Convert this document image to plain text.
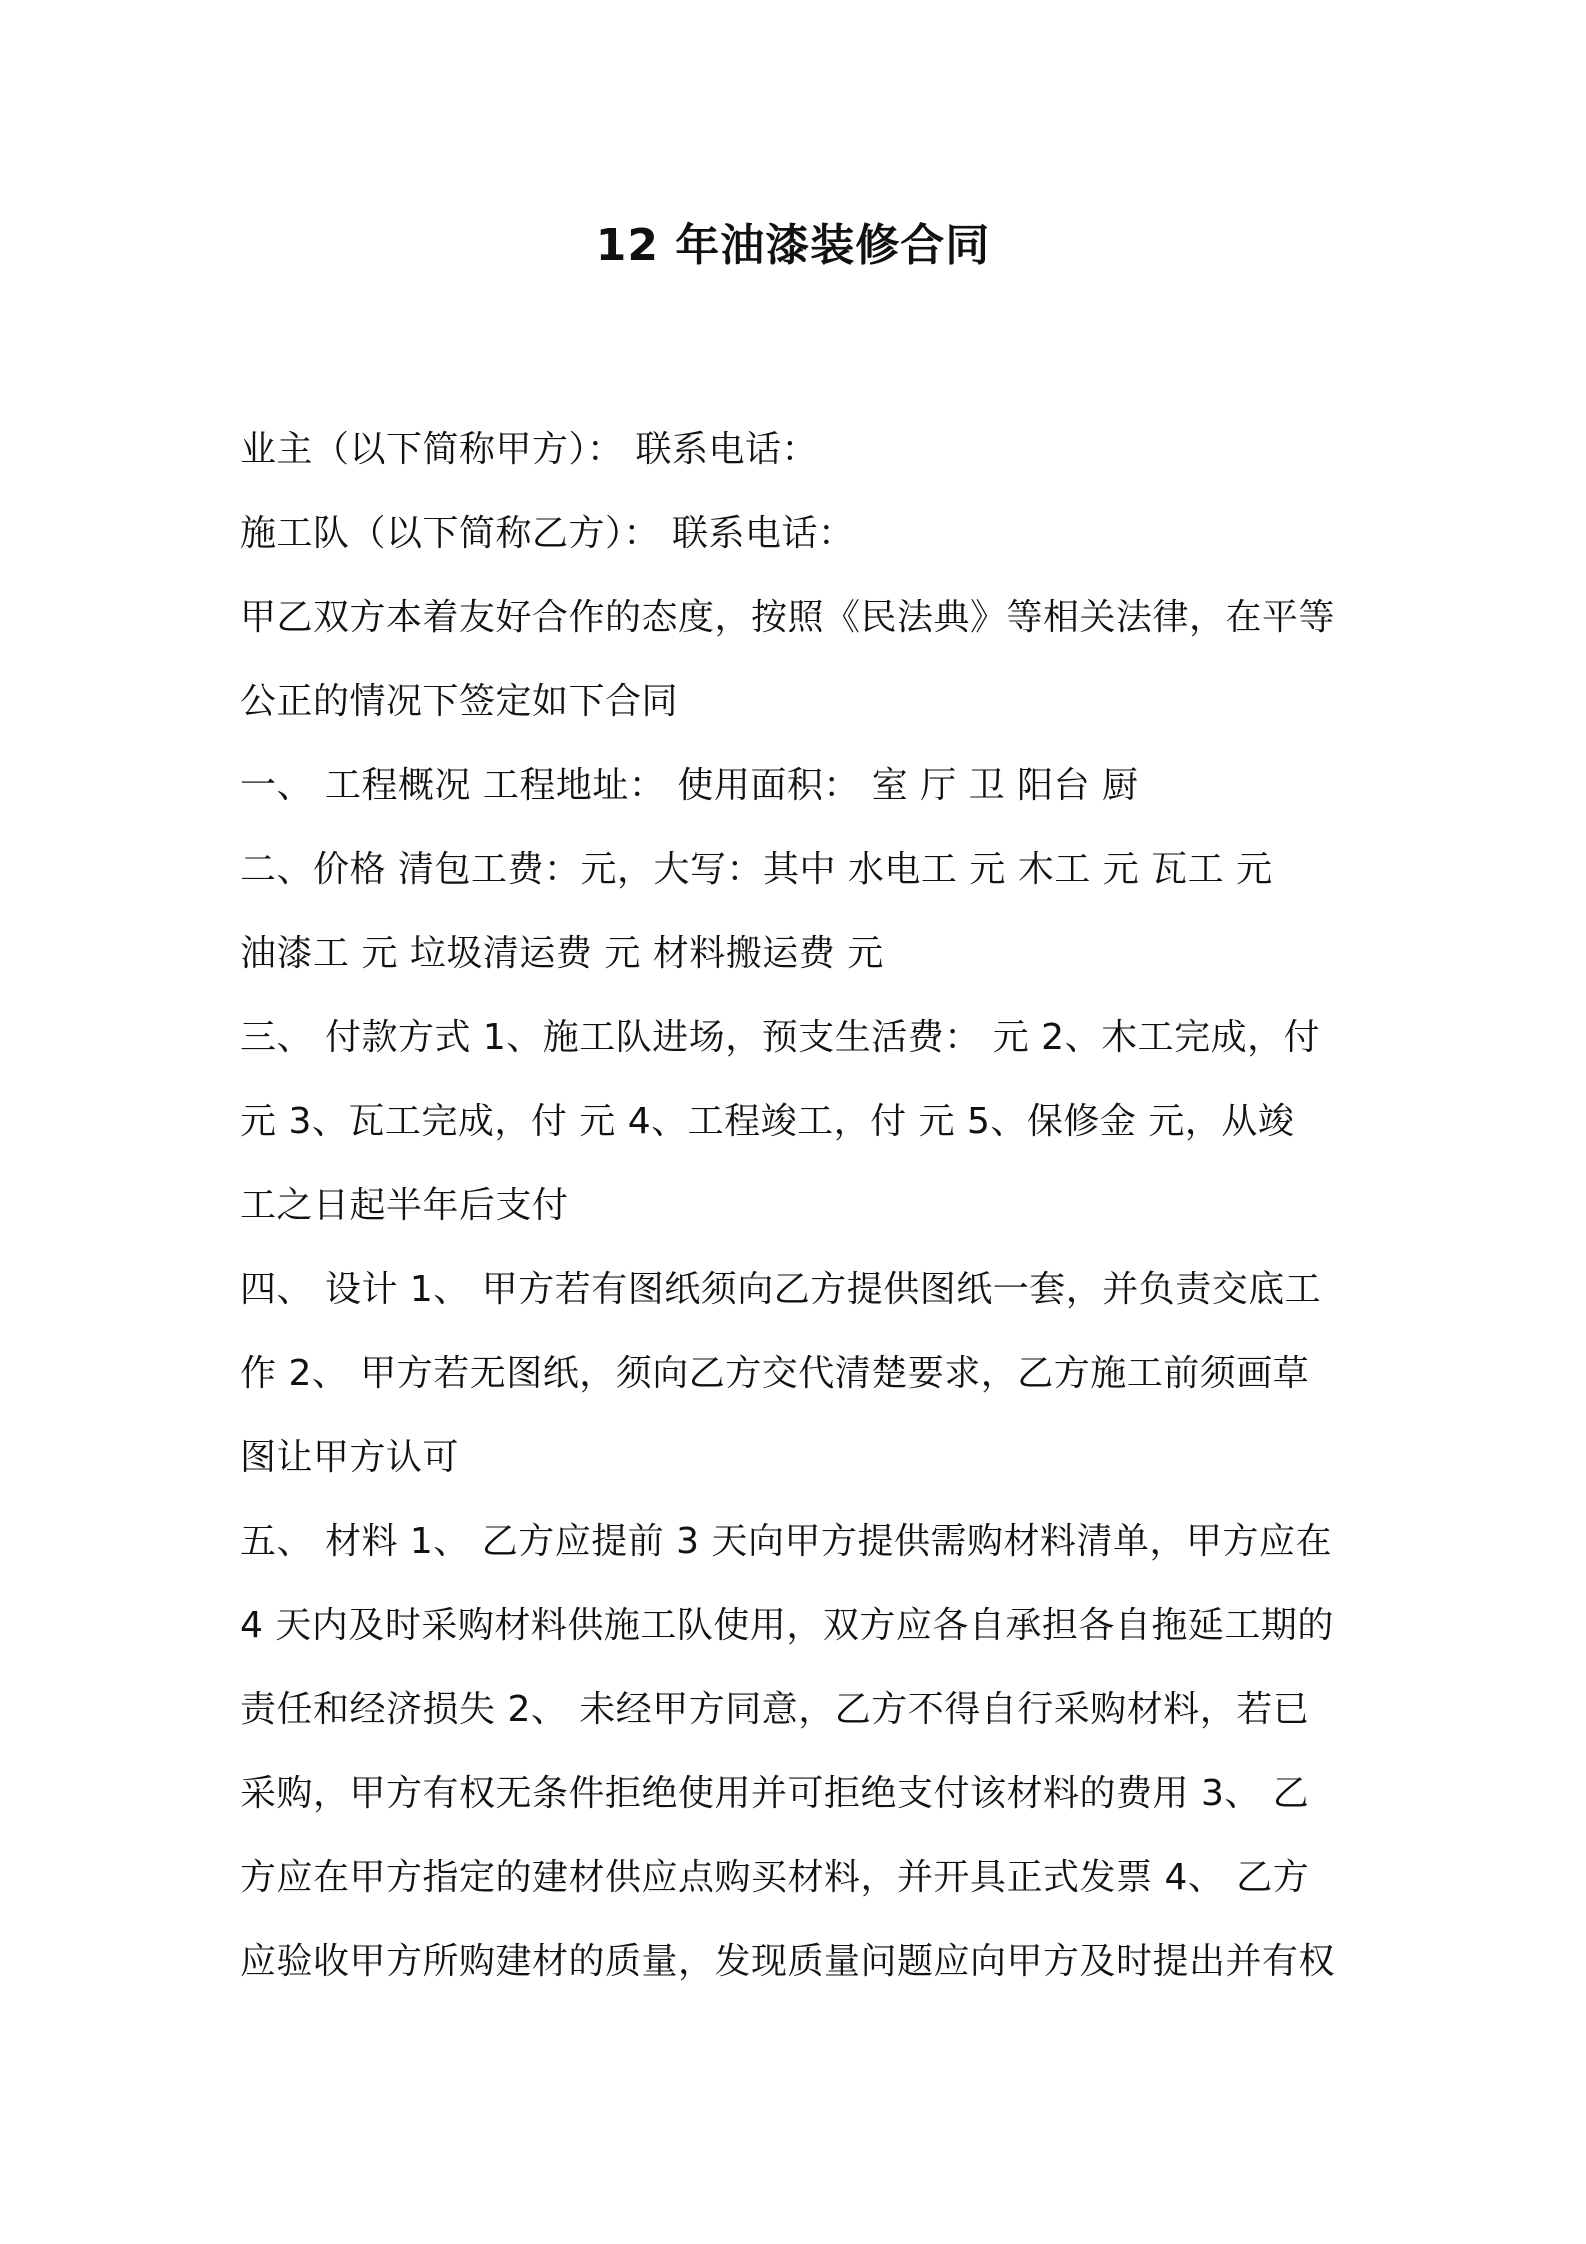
12 年油漆装修合同
业主（以下简称甲方）： 联系电话：
施工队（以下简称乙方）： 联系电话：
甲乙双方本着友好合作的态度，按照《民法典》等相关法律，在平等
公正的情况下签定如下合同
一、 工程概况 工程地址： 使用面积： 室 厅 卫 阳台 厨
二、价格 清包工费：元，大写：其中 水电工 元 木工 元 瓦工 元
油漆工 元 垃圾清运费 元 材料搬运费 元
三、 付款方式 1、施工队进场，预支生活费： 元 2、木工完成，付
元 3、瓦工完成，付 元 4、工程竣工，付 元 5、保修金 元，从竣
工之日起半年后支付
四、 设计 1、 甲方若有图纸须向乙方提供图纸一套，并负责交底工
作 2、 甲方若无图纸，须向乙方交代清楚要求，乙方施工前须画草
图让甲方认可
五、 材料 1、 乙方应提前 3 天向甲方提供需购材料清单，甲方应在
4 天内及时采购材料供施工队使用，双方应各自承担各自拖延工期的
责任和经济损失 2、 未经甲方同意，乙方不得自行采购材料，若已
采购，甲方有权无条件拒绝使用并可拒绝支付该材料的费用 3、 乙
方应在甲方指定的建材供应点购买材料，并开具正式发票 4、 乙方
应验收甲方所购建材的质量，发现质量问题应向甲方及时提出并有权
